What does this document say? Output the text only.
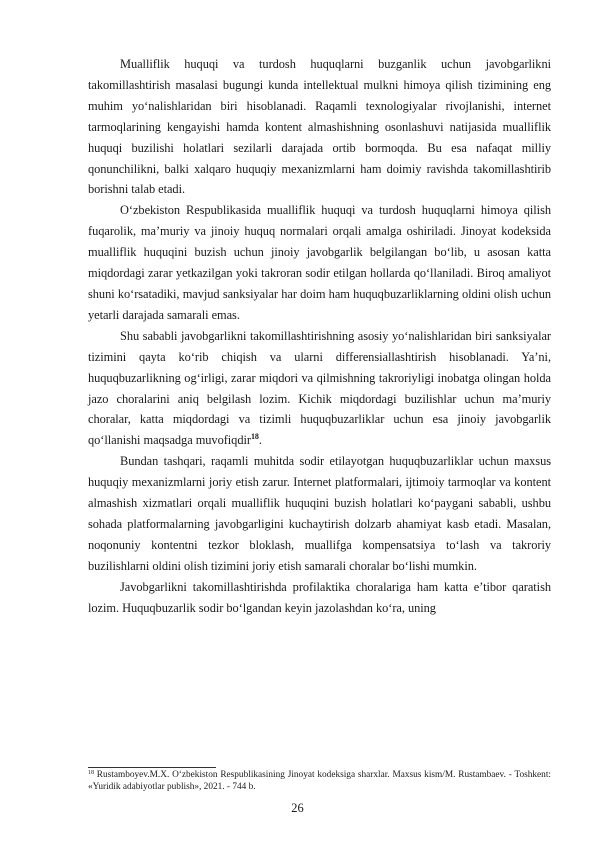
Mualliflik huquqi va turdosh huquqlarni buzganlik uchun javobgarlikni takomillashtirish masalasi bugungi kunda intellektual mulkni himoya qilish tizimining eng muhim yo‘nalishlaridan biri hisoblanadi. Raqamli texnologiyalar rivojlanishi, internet tarmoqlarining kengayishi hamda kontent almashishning osonlashuvi natijasida mualliflik huquqi buzilishi holatlari sezilarli darajada ortib bormoqda. Bu esa nafaqat milliy qonunchilikni, balki xalqaro huquqiy mexanizmlarni ham doimiy ravishda takomillashtirib borishni talab etadi.

O‘zbekiston Respublikasida mualliflik huquqi va turdosh huquqlarni himoya qilish fuqarolik, ma’muriy va jinoiy huquq normalari orqali amalga oshiriladi. Jinoyat kodeksida mualliflik huquqini buzish uchun jinoiy javobgarlik belgilangan bo‘lib, u asosan katta miqdordagi zarar yetkazilgan yoki takroran sodir etilgan hollarda qo‘llaniladi. Biroq amaliyot shuni ko‘rsatadiki, mavjud sanksiyalar har doim ham huquqbuzarliklarning oldini olish uchun yetarli darajada samarali emas.

Shu sababli javobgarlikni takomillashtirishning asosiy yo‘nalishlaridan biri sanksiyalar tizimini qayta ko‘rib chiqish va ularni differensiallashtirish hisoblanadi. Ya’ni, huquqbuzarlikning og‘irligi, zarar miqdori va qilmishning takroriyligi inobatga olingan holda jazo choralarini aniq belgilash lozim. Kichik miqdordagi buzilishlar uchun ma’muriy choralar, katta miqdordagi va tizimli huquqbuzarliklar uchun esa jinoiy javobgarlik qo‘llanishi maqsadga muvofiqdir$^{18}$.

Bundan tashqari, raqamli muhitda sodir etilayotgan huquqbuzarliklar uchun maxsus huquqiy mexanizmlarni joriy etish zarur. Internet platformalari, ijtimoiy tarmoqlar va kontent almashish xizmatlari orqali mualliflik huquqini buzish holatlari ko‘paygani sababli, ushbu sohada platformalarning javobgarligini kuchaytirish dolzarb ahamiyat kasb etadi. Masalan, noqonuniy kontentni tezkor bloklash, muallifga kompensatsiya to‘lash va takroriy buzilishlarni oldini olish tizimini joriy etish samarali choralar bo‘lishi mumkin.

Javobgarlikni takomillashtirishda profilaktika choralariga ham katta e’tibor qaratish lozim. Huquqbuzarlik sodir bo‘lgandan keyin jazolashdan ko‘ra, uning

$^{18}$ Rustamboyev.M.X. O‘zbekiston Respublikasining Jinoyat kodeksiga sharxlar. Maxsus kism/M. Rustambaev. - Toshkent: «Yuridik adabiyotlar publish», 2021. - 744 b.

26
